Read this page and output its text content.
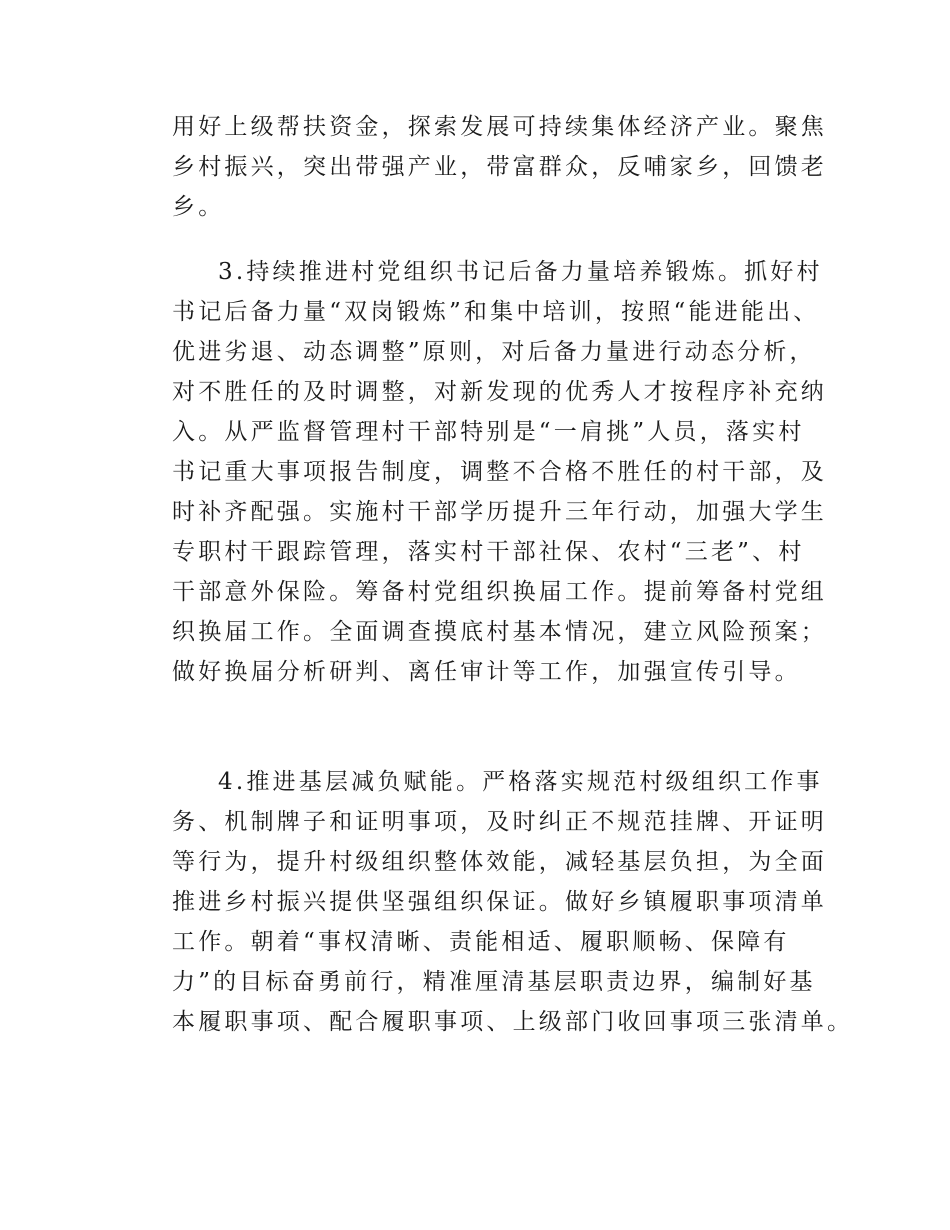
用好上级帮扶资金，探索发展可持续集体经济产业。聚焦
乡村振兴，突出带强产业，带富群众，反哺家乡，回馈老
乡。
3.持续推进村党组织书记后备力量培养锻炼。抓好村
书记后备力量“双岗锻炼”和集中培训，按照“能进能出、
优进劣退、动态调整”原则，对后备力量进行动态分析，
对不胜任的及时调整，对新发现的优秀人才按程序补充纳
入。从严监督管理村干部特别是“一肩挑”人员，落实村
书记重大事项报告制度，调整不合格不胜任的村干部，及
时补齐配强。实施村干部学历提升三年行动，加强大学生
专职村干跟踪管理，落实村干部社保、农村“三老”、村
干部意外保险。筹备村党组织换届工作。提前筹备村党组
织换届工作。全面调查摸底村基本情况，建立风险预案；
做好换届分析研判、离任审计等工作，加强宣传引导。
4.推进基层减负赋能。严格落实规范村级组织工作事
务、机制牌子和证明事项，及时纠正不规范挂牌、开证明
等行为，提升村级组织整体效能，减轻基层负担，为全面
推进乡村振兴提供坚强组织保证。做好乡镇履职事项清单
工作。朝着“事权清晰、责能相适、履职顺畅、保障有
力”的目标奋勇前行，精准厘清基层职责边界，编制好基
本履职事项、配合履职事项、上级部门收回事项三张清单。
